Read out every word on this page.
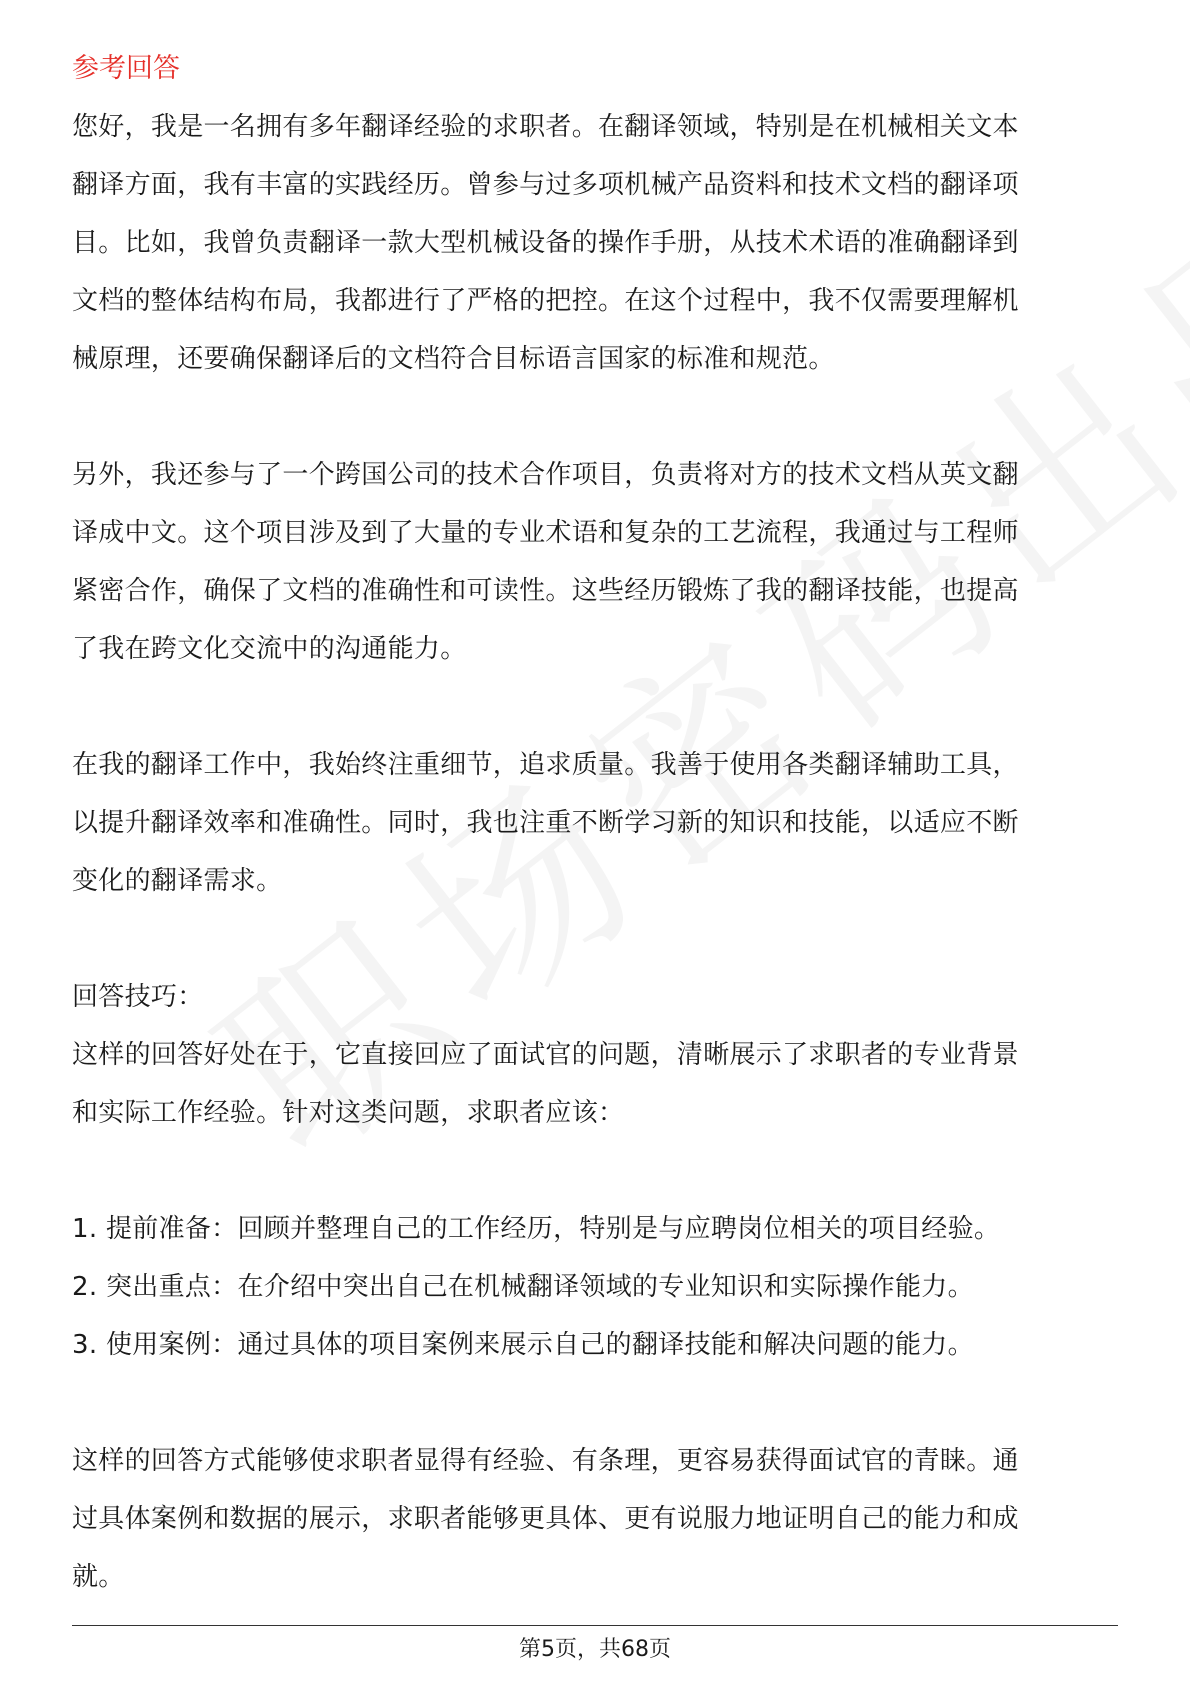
参考回答

您好，我是一名拥有多年翻译经验的求职者。在翻译领域，特别是在机械相关文本

翻译方面，我有丰富的实践经历。曾参与过多项机械产品资料和技术文档的翻译项

目。比如，我曾负责翻译一款大型机械设备的操作手册，从技术术语的准确翻译到

文档的整体结构布局，我都进行了严格的把控。在这个过程中，我不仅需要理解机

械原理，还要确保翻译后的文档符合目标语言国家的标准和规范。

另外，我还参与了一个跨国公司的技术合作项目，负责将对方的技术文档从英文翻

译成中文。这个项目涉及到了大量的专业术语和复杂的工艺流程，我通过与工程师

紧密合作，确保了文档的准确性和可读性。这些经历锻炼了我的翻译技能，也提高

了我在跨文化交流中的沟通能力。

在我的翻译工作中，我始终注重细节，追求质量。我善于使用各类翻译辅助工具，

以提升翻译效率和准确性。同时，我也注重不断学习新的知识和技能，以适应不断

变化的翻译需求。

回答技巧：

这样的回答好处在于，它直接回应了面试官的问题，清晰展示了求职者的专业背景

和实际工作经验。针对这类问题，求职者应该：

1. 提前准备：回顾并整理自己的工作经历，特别是与应聘岗位相关的项目经验。

2. 突出重点：在介绍中突出自己在机械翻译领域的专业知识和实际操作能力。

3. 使用案例：通过具体的项目案例来展示自己的翻译技能和解决问题的能力。

这样的回答方式能够使求职者显得有经验、有条理，更容易获得面试官的青睐。通

过具体案例和数据的展示，求职者能够更具体、更有说服力地证明自己的能力和成

就。

第5页，共68页
